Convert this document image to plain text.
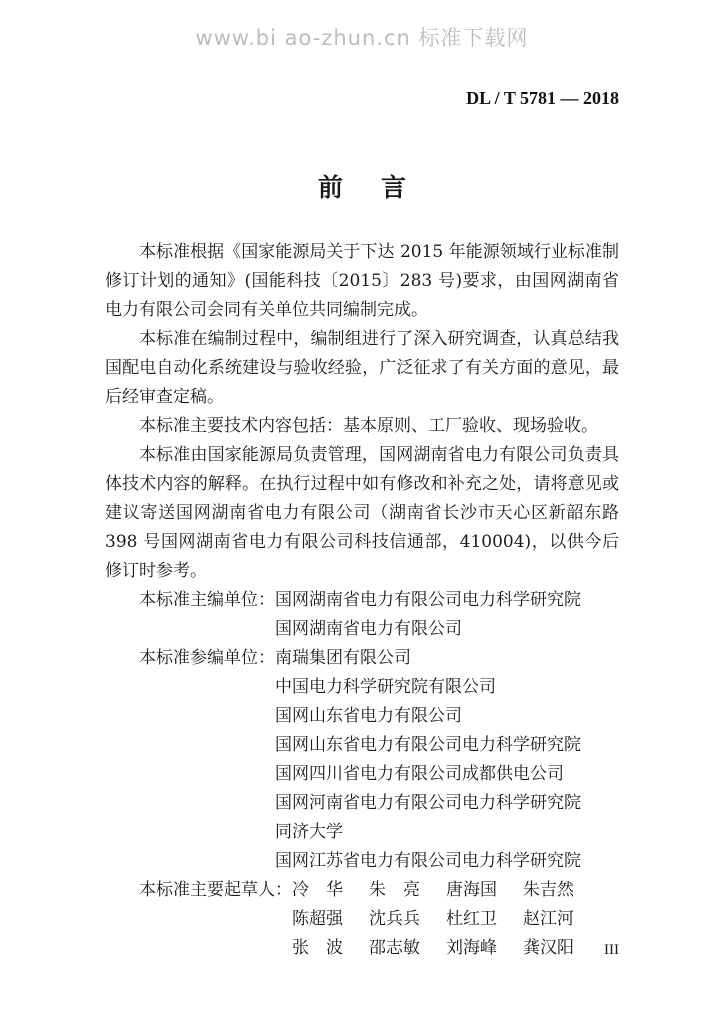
www.bi ao-zhun.cn 标准下载网
DL / T 5781 — 2018
前言

本标准根据《国家能源局关于下达 2015 年能源领域行业标准制修订计划的通知》(国能科技〔2015〕283 号)要求，由国网湖南省电力有限公司会同有关单位共同编制完成。

本标准在编制过程中，编制组进行了深入研究调查，认真总结我国配电自动化系统建设与验收经验，广泛征求了有关方面的意见，最后经审查定稿。

本标准主要技术内容包括：基本原则、工厂验收、现场验收。

本标准由国家能源局负责管理，国网湖南省电力有限公司负责具体技术内容的解释。在执行过程中如有修改和补充之处，请将意见或建议寄送国网湖南省电力有限公司（湖南省长沙市天心区新韶东路 398 号国网湖南省电力有限公司科技信通部，410004)，以供今后修订时参考。

本标准主编单位： 国网湖南省电力有限公司电力科学研究院
国网湖南省电力有限公司
本标准参编单位： 南瑞集团有限公司
中国电力科学研究院有限公司
国网山东省电力有限公司
国网山东省电力有限公司电力科学研究院
国网四川省电力有限公司成都供电公司
国网河南省电力有限公司电力科学研究院
同济大学
国网江苏省电力有限公司电力科学研究院
本标准主要起草人： 冷　华	朱　亮	唐海国	朱吉然
陈超强	沈兵兵	杜红卫	赵江河
张　波	邵志敏	刘海峰	龚汉阳	III
